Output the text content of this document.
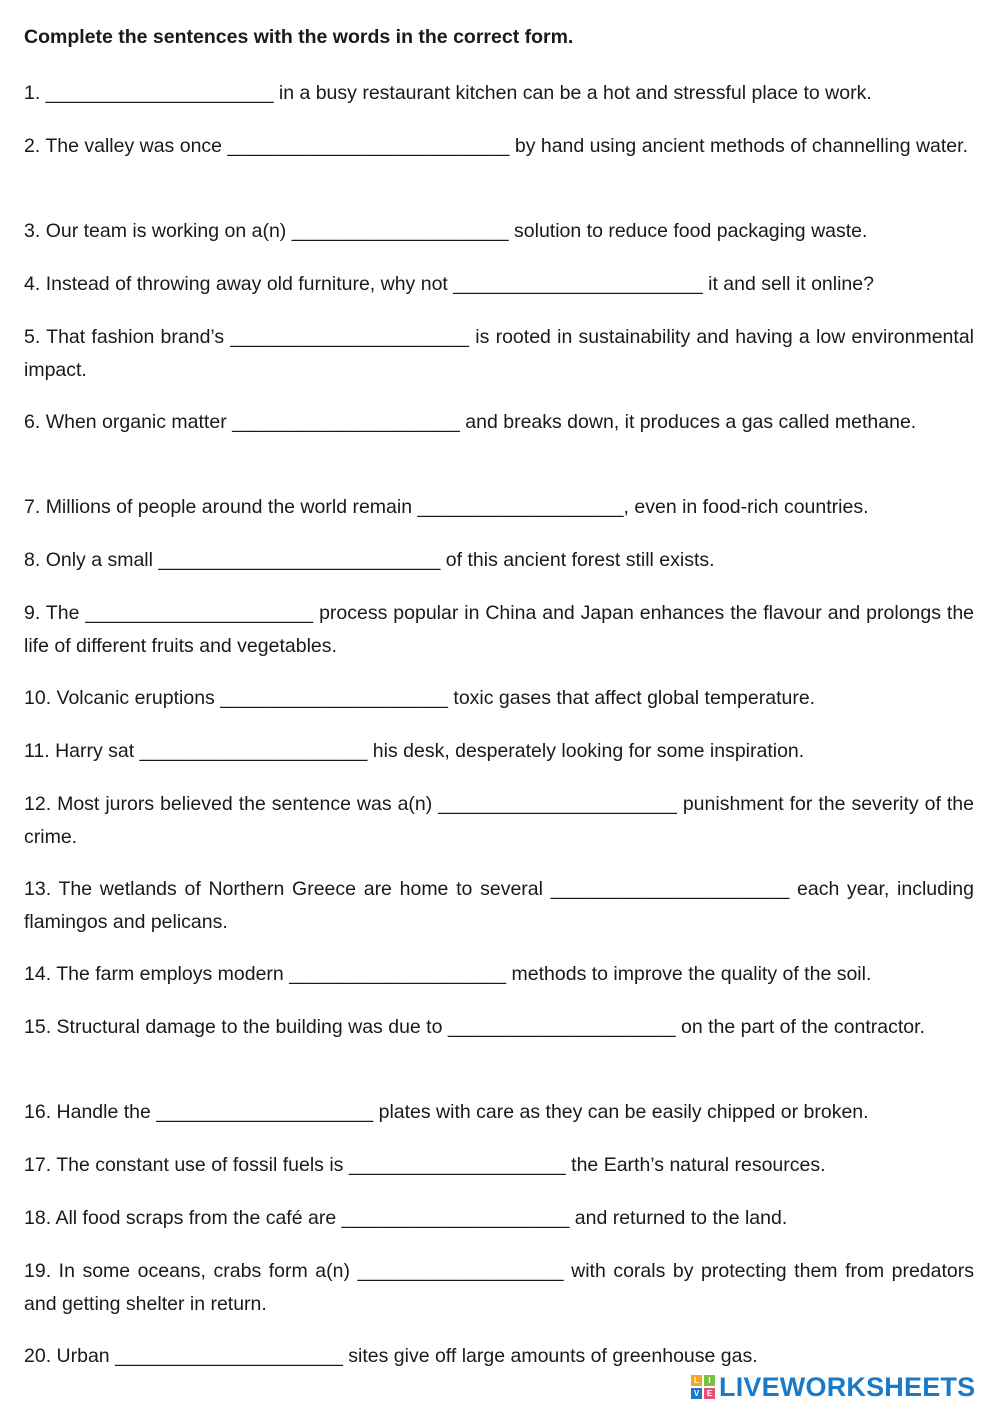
Complete the sentences with the words in the correct form.
1. _____________________ in a busy restaurant kitchen can be a hot and stressful place to work.
2. The valley was once __________________________ by hand using ancient methods of channelling water.
3. Our team is working on a(n) ____________________ solution to reduce food packaging waste.
4. Instead of throwing away old furniture, why not _______________________ it and sell it online?
5. That fashion brand’s ______________________ is rooted in sustainability and having a low environmental impact.
6. When organic matter _____________________ and breaks down, it produces a gas called methane.
7. Millions of people around the world remain ___________________, even in food-rich countries.
8. Only a small __________________________ of this ancient forest still exists.
9. The _____________________ process popular in China and Japan enhances the flavour and prolongs the life of different fruits and vegetables.
10. Volcanic eruptions _____________________ toxic gases that affect global temperature.
11. Harry sat _____________________ his desk, desperately looking for some inspiration.
12. Most jurors believed the sentence was a(n) ______________________ punishment for the severity of the crime.
13. The wetlands of Northern Greece are home to several ______________________ each year, including flamingos and pelicans.
14. The farm employs modern ____________________ methods to improve the quality of the soil.
15. Structural damage to the building was due to _____________________ on the part of the contractor.
16. Handle the ____________________ plates with care as they can be easily chipped or broken.
17. The constant use of fossil fuels is ____________________ the Earth’s natural resources.
18. All food scraps from the café are _____________________ and returned to the land.
19. In some oceans, crabs form a(n) ___________________ with corals by protecting them from predators and getting shelter in return.
20. Urban _____________________ sites give off large amounts of greenhouse gas.
L	I
V E LIVEWORKSHEETS
